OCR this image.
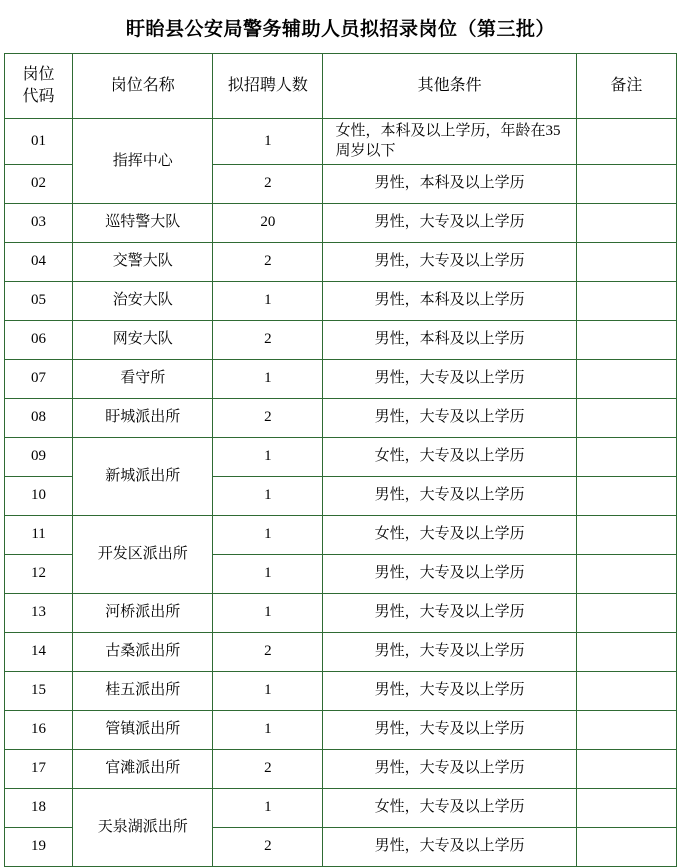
盱眙县公安局警务辅助人员拟招录岗位（第三批）
岗位
代码	岗位名称	拟招聘人数	其他条件	备注
01	指挥中心	1	女性，本科及以上学历，年龄在35周岁以下	
02		2	男性，本科及以上学历	
03	巡特警大队	20	男性，大专及以上学历	
04	交警大队	2	男性，大专及以上学历	
05	治安大队	1	男性，本科及以上学历	
06	网安大队	2	男性，本科及以上学历	
07	看守所	1	男性，大专及以上学历	
08	盱城派出所	2	男性，大专及以上学历	
09	新城派出所	1	女性，大专及以上学历	
10		1	男性，大专及以上学历	
11	开发区派出所	1	女性，大专及以上学历	
12		1	男性，大专及以上学历	
13	河桥派出所	1	男性，大专及以上学历	
14	古桑派出所	2	男性，大专及以上学历	
15	桂五派出所	1	男性，大专及以上学历	
16	管镇派出所	1	男性，大专及以上学历	
17	官滩派出所	2	男性，大专及以上学历	
18	天泉湖派出所	1	女性，大专及以上学历	
19		2	男性，大专及以上学历	
